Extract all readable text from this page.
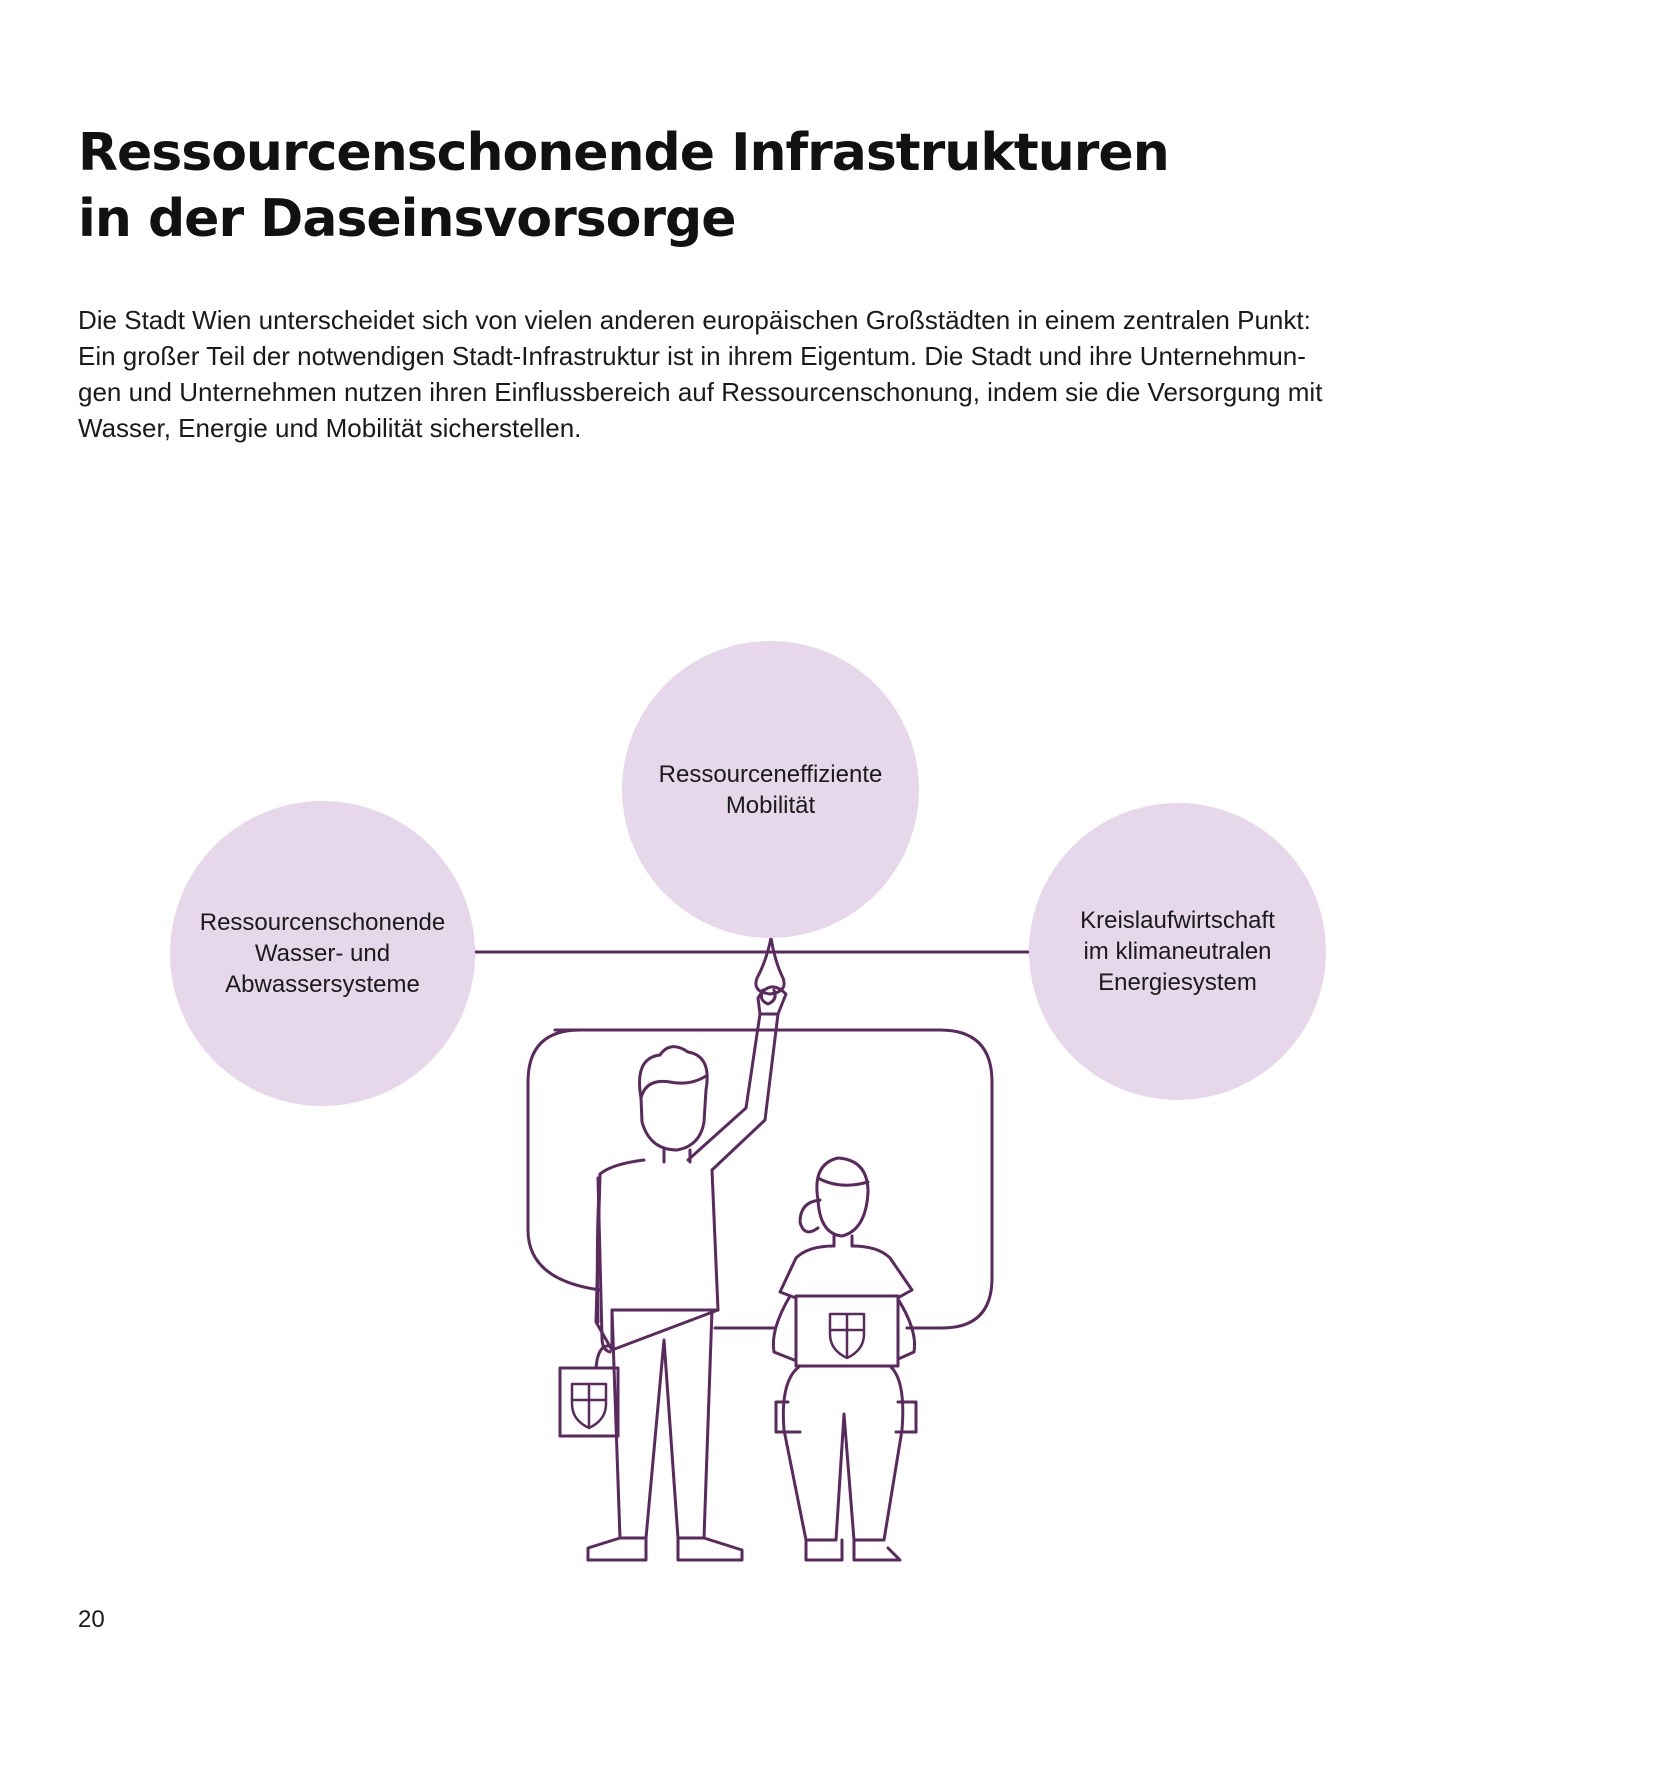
Ressourcenschonende Infrastrukturen
in der Daseinsvorsorge

Die Stadt Wien unterscheidet sich von vielen anderen europäischen Großstädten in einem zentralen Punkt:
Ein großer Teil der notwendigen Stadt-Infrastruktur ist in ihrem Eigentum. Die Stadt und ihre Unternehmun-
gen und Unternehmen nutzen ihren Einflussbereich auf Ressourcenschonung, indem sie die Versorgung mit
Wasser, Energie und Mobilität sicherstellen.

Ressourcenschonende
Wasser- und
Abwassersysteme
Ressourceneffiziente
Mobilität
Kreislaufwirtschaft
im klimaneutralen
Energiesystem
20
